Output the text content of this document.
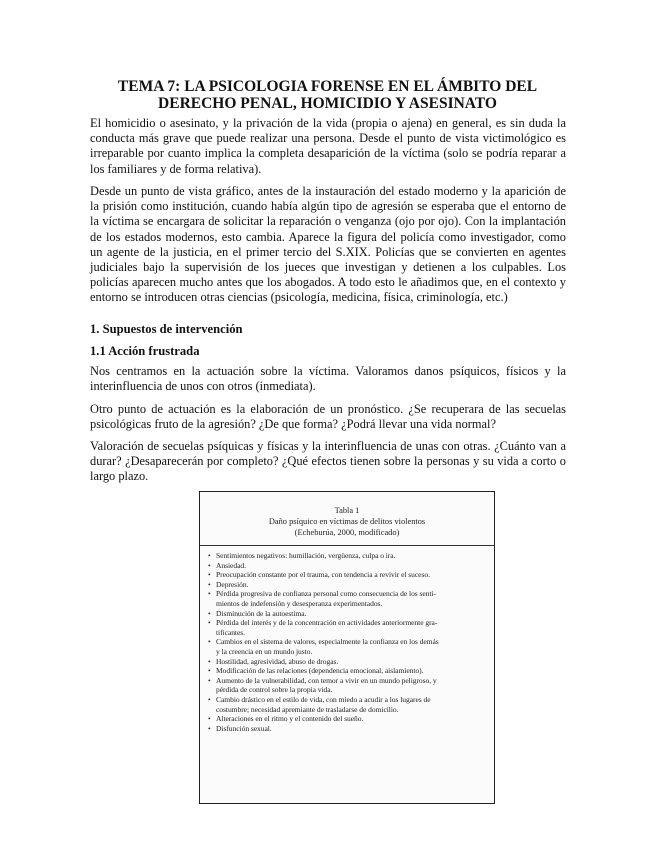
TEMA 7: LA PSICOLOGIA FORENSE EN EL ÁMBITO DEL
DERECHO PENAL, HOMICIDIO Y ASESINATO

El homicidio o asesinato, y la privación de la vida (propia o ajena) en general, es sin duda la conducta más grave que puede realizar una persona. Desde el punto de vista victimológico es irreparable por cuanto implica la completa desaparición de la víctima (solo se podría reparar a los familiares y de forma relativa).

Desde un punto de vista gráfico, antes de la instauración del estado moderno y la aparición de la prisión como institución, cuando había algún tipo de agresión se esperaba que el entorno de la víctima se encargara de solicitar la reparación o venganza (ojo por ojo). Con la implantación de los estados modernos, esto cambia. Aparece la figura del policía como investigador, como un agente de la justicia, en el primer tercio del S.XIX. Policías que se convierten en agentes judiciales bajo la supervisión de los jueces que investigan y detienen a los culpables. Los policías aparecen mucho antes que los abogados. A todo esto le añadimos que, en el contexto y entorno se introducen otras ciencias (psicología, medicina, física, criminología, etc.)

1. Supuestos de intervención
1.1 Acción frustrada

Nos centramos en la actuación sobre la víctima. Valoramos danos psíquicos, físicos y la interinfluencia de unos con otros (inmediata).

Otro punto de actuación es la elaboración de un pronóstico. ¿Se recuperara de las secuelas psicológicas fruto de la agresión? ¿De que forma? ¿Podrá llevar una vida normal?

Valoración de secuelas psíquicas y físicas y la interinfluencia de unas con otras. ¿Cuánto van a durar? ¿Desaparecerán por completo? ¿Qué efectos tienen sobre la personas y su vida a corto o largo plazo.

Tabla 1
Daño psíquico en víctimas de delitos violentos
(Echeburúa, 2000, modificado)
• Sentimientos negativos: humillación, vergüenza, culpa o ira.
• Ansiedad.
• Preocupación constante por el trauma, con tendencia a revivir el suceso.
• Depresión.
• Pérdida progresiva de confianza personal como consecuencia de los senti-
mientos de indefensión y desesperanza experimentados.
• Disminución de la autoestima.
• Pérdida del interés y de la concentración en actividades anteriormente gra-
tificantes.
• Cambios en el sistema de valores, especialmente la confianza en los demás
y la creencia en un mundo justo.
• Hostilidad, agresividad, abuso de drogas.
• Modificación de las relaciones (dependencia emocional, aislamiento).
• Aumento de la vulnerabilidad, con temor a vivir en un mundo peligroso, y
pérdida de control sobre la propia vida.
• Cambio drástico en el estilo de vida, con miedo a acudir a los lugares de
costumbre; necesidad apremiante de trasladarse de domicilio.
• Alteraciones en el ritmo y el contenido del sueño.
• Disfunción sexual.
